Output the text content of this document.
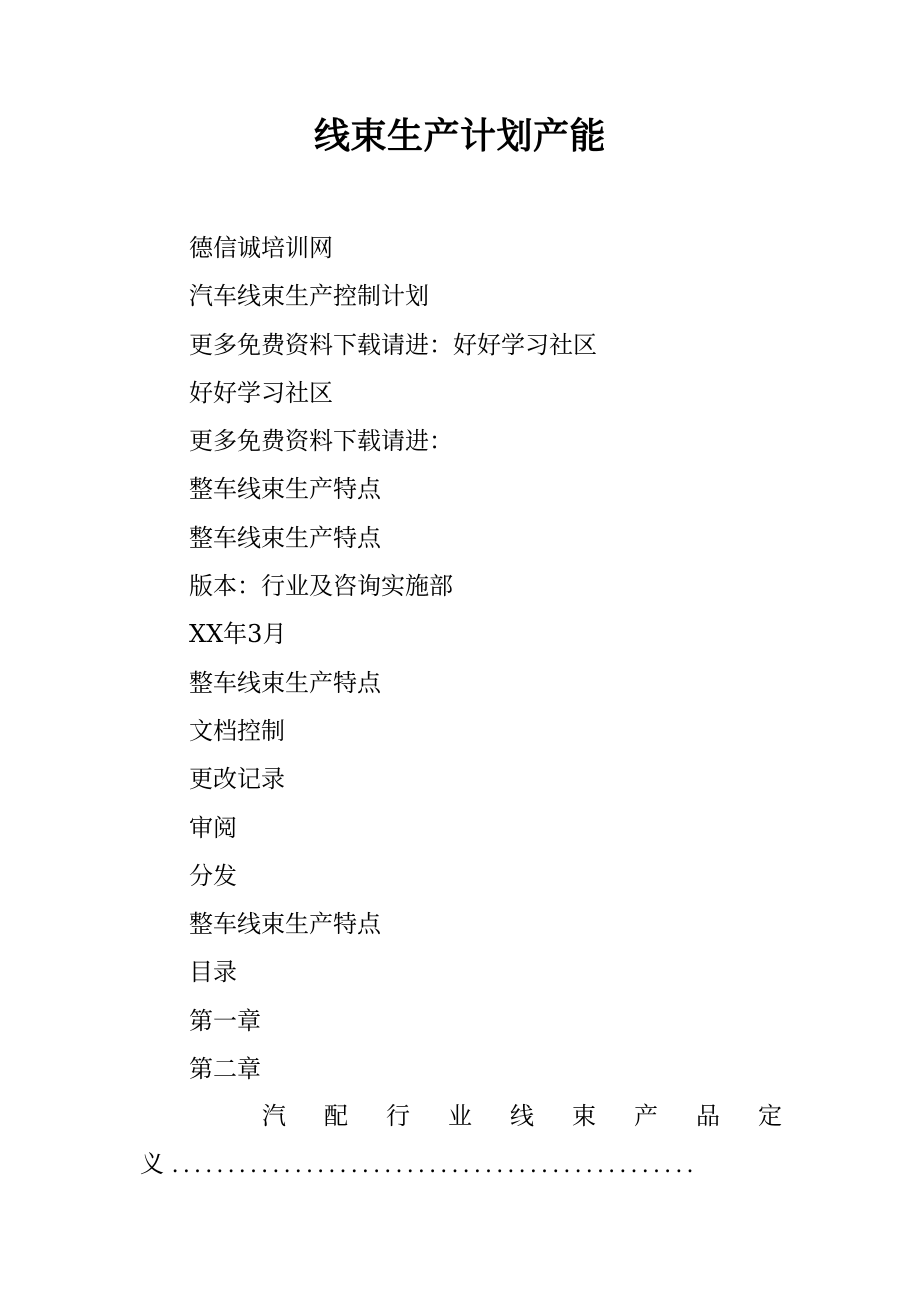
线束生产计划产能
德信诚培训网
汽车线束生产控制计划
更多免费资料下载请进：好好学习社区
好好学习社区
更多免费资料下载请进：
整车线束生产特点
整车线束生产特点
版本：行业及咨询实施部
XX年3月
整车线束生产特点
文档控制
更改记录
审阅
分发
整车线束生产特点
目录
第一章
第二章
汽 配 行 业 线 束 产 品 定
义 ...............................................
